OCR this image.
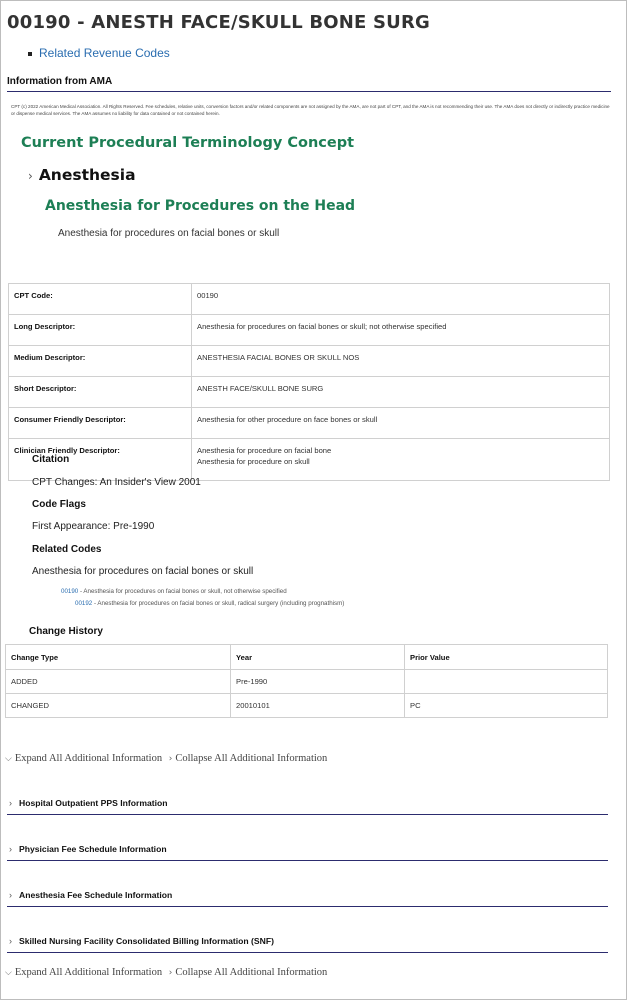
00190 - ANESTH FACE/SKULL BONE SURG
Related Revenue Codes
Information from AMA
CPT (c) 2022 American Medical Association. All Rights Reserved. Fee schedules, relative units, conversion factors and/or related components are not assigned by the AMA, are not part of CPT, and the AMA is not recommending their use. The AMA does not directly or indirectly practice medicine or dispense medical services. The AMA assumes no liability for data contained or not contained herein.
Current Procedural Terminology Concept
› Anesthesia
Anesthesia for Procedures on the Head
Anesthesia for procedures on facial bones or skull
CPT Code:	00190
Long Descriptor:	Anesthesia for procedures on facial bones or skull; not otherwise specified
Medium Descriptor:	ANESTHESIA FACIAL BONES OR SKULL NOS
Short Descriptor:	ANESTH FACE/SKULL BONE SURG
Consumer Friendly Descriptor:	Anesthesia for other procedure on face bones or skull
Clinician Friendly Descriptor:	Anesthesia for procedure on facial bone
Anesthesia for procedure on skull
Citation
CPT Changes: An Insider's View 2001
Code Flags
First Appearance: Pre-1990
Related Codes
Anesthesia for procedures on facial bones or skull
00190 - Anesthesia for procedures on facial bones or skull, not otherwise specified
00192 - Anesthesia for procedures on facial bones or skull, radical surgery (including prognathism)
Change History
Change Type	Year	Prior Value
ADDED	Pre-1990	
CHANGED	20010101	PC
⌵ Expand All Additional Information › Collapse All Additional Information
› Hospital Outpatient PPS Information
› Physician Fee Schedule Information
› Anesthesia Fee Schedule Information
› Skilled Nursing Facility Consolidated Billing Information (SNF)
⌵ Expand All Additional Information › Collapse All Additional Information
